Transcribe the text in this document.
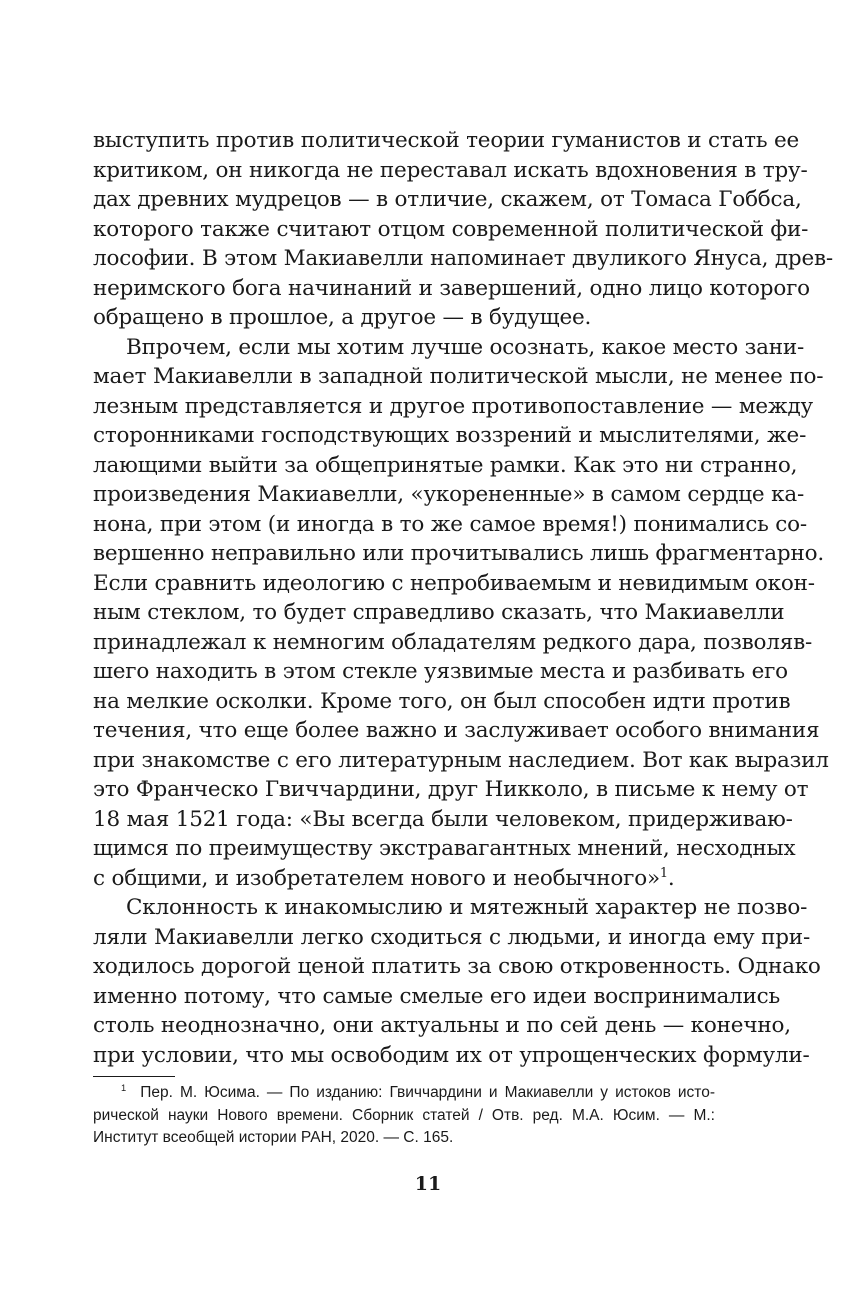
выступить против политической теории гуманистов и стать ее
критиком, он никогда не переставал искать вдохновения в тру-
дах древних мудрецов — в отличие, скажем, от Томаса Гоббса,
которого также считают отцом современной политической фи-
лософии. В этом Макиавелли напоминает двуликого Януса, древ-
неримского бога начинаний и завершений, одно лицо которого
обращено в прошлое, а другое — в будущее.

Впрочем, если мы хотим лучше осознать, какое место зани-
мает Макиавелли в западной политической мысли, не менее по-
лезным представляется и другое противопоставление — между
сторонниками господствующих воззрений и мыслителями, же-
лающими выйти за общепринятые рамки. Как это ни странно,
произведения Макиавелли, «укорененные» в самом сердце ка-
нона, при этом (и иногда в то же самое время!) понимались со-
вершенно неправильно или прочитывались лишь фрагментарно.
Если сравнить идеологию с непробиваемым и невидимым окон-
ным стеклом, то будет справедливо сказать, что Макиавелли
принадлежал к немногим обладателям редкого дара, позволяв-
шего находить в этом стекле уязвимые места и разбивать его
на мелкие осколки. Кроме того, он был способен идти против
течения, что еще более важно и заслуживает особого внимания
при знакомстве с его литературным наследием. Вот как выразил
это Франческо Гвиччардини, друг Никколо, в письме к нему от
18 мая 1521 года: «Вы всегда были человеком, придерживаю-
щимся по преимуществу экстравагантных мнений, несходных
с общими, и изобретателем нового и необычного»$^1$.

Склонность к инакомыслию и мятежный характер не позво-
ляли Макиавелли легко сходиться с людьми, и иногда ему при-
ходилось дорогой ценой платить за свою откровенность. Однако
именно потому, что самые смелые его идеи воспринимались
столь неоднозначно, они актуальны и по сей день — конечно,
при условии, что мы освободим их от упрощенческих формули-

$^1$ Пер. М. Юсима. — По изданию: Гвиччардини и Макиавелли у истоков исто-
рической науки Нового времени. Сборник статей / Отв. ред. М.А. Юсим. — М.:
Институт всеобщей истории РАН, 2020. — С. 165.
11
